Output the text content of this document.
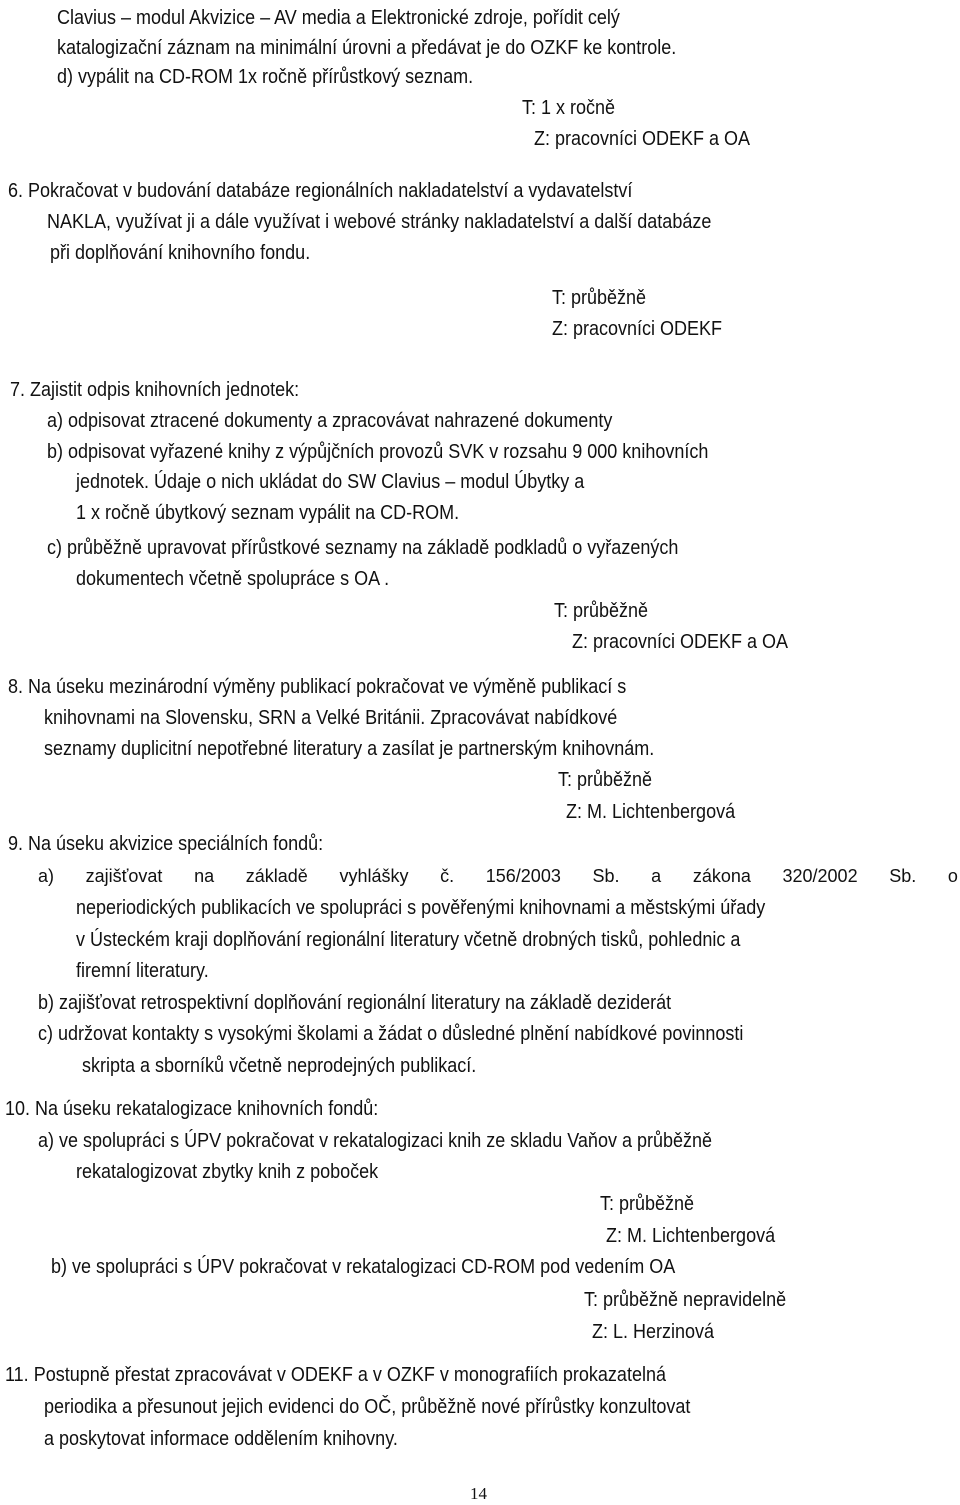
Clavius – modul Akvizice – AV media a Elektronické zdroje, pořídit celý
katalogizační záznam na minimální úrovni a předávat je do OZKF ke kontrole.
d) vypálit na CD-ROM 1x ročně přírůstkový seznam.
T: 1 x ročně
Z: pracovníci ODEKF a OA
6. Pokračovat v budování databáze regionálních nakladatelství a vydavatelství
NAKLA, využívat ji a dále využívat i webové stránky nakladatelství a další databáze
při doplňování knihovního fondu.
T: průběžně
Z: pracovníci ODEKF
7. Zajistit odpis knihovních jednotek:
a) odpisovat ztracené dokumenty a zpracovávat nahrazené dokumenty
b) odpisovat vyřazené knihy z výpůjčních provozů SVK v rozsahu 9 000 knihovních
jednotek. Údaje o nich ukládat do SW Clavius – modul Úbytky a
1 x ročně úbytkový seznam vypálit na CD-ROM.
c) průběžně upravovat přírůstkové seznamy na základě podkladů o vyřazených
dokumentech včetně spolupráce s OA .
T: průběžně
Z: pracovníci ODEKF a OA
8. Na úseku mezinárodní výměny publikací pokračovat ve výměně publikací s
knihovnami na Slovensku, SRN a Velké Británii. Zpracovávat nabídkové
seznamy duplicitní nepotřebné literatury a zasílat je partnerským knihovnám.
T: průběžně
Z: M. Lichtenbergová
9. Na úseku akvizice speciálních fondů:
a) zajišťovat na základě vyhlášky č. 156/2003 Sb. a zákona 320/2002 Sb. o
neperiodických publikacích ve spolupráci s pověřenými knihovnami a městskými úřady
v Ústeckém kraji doplňování regionální literatury včetně drobných tisků, pohlednic a
firemní literatury.
b) zajišťovat retrospektivní doplňování regionální literatury na základě deziderát
c) udržovat kontakty s vysokými školami a žádat o důsledné plnění nabídkové povinnosti
skripta a sborníků včetně neprodejných publikací.
10. Na úseku rekatalogizace knihovních fondů:
a) ve spolupráci s ÚPV pokračovat v rekatalogizaci knih ze skladu Vaňov a průběžně
rekatalogizovat zbytky knih z poboček
T: průběžně
Z: M. Lichtenbergová
b) ve spolupráci s ÚPV pokračovat v rekatalogizaci CD-ROM pod vedením OA
T: průběžně nepravidelně
Z: L. Herzinová
11. Postupně přestat zpracovávat v ODEKF a v OZKF v monografiích prokazatelná
periodika a přesunout jejich evidenci do OČ, průběžně nové přírůstky konzultovat
a poskytovat informace oddělením knihovny.
14
